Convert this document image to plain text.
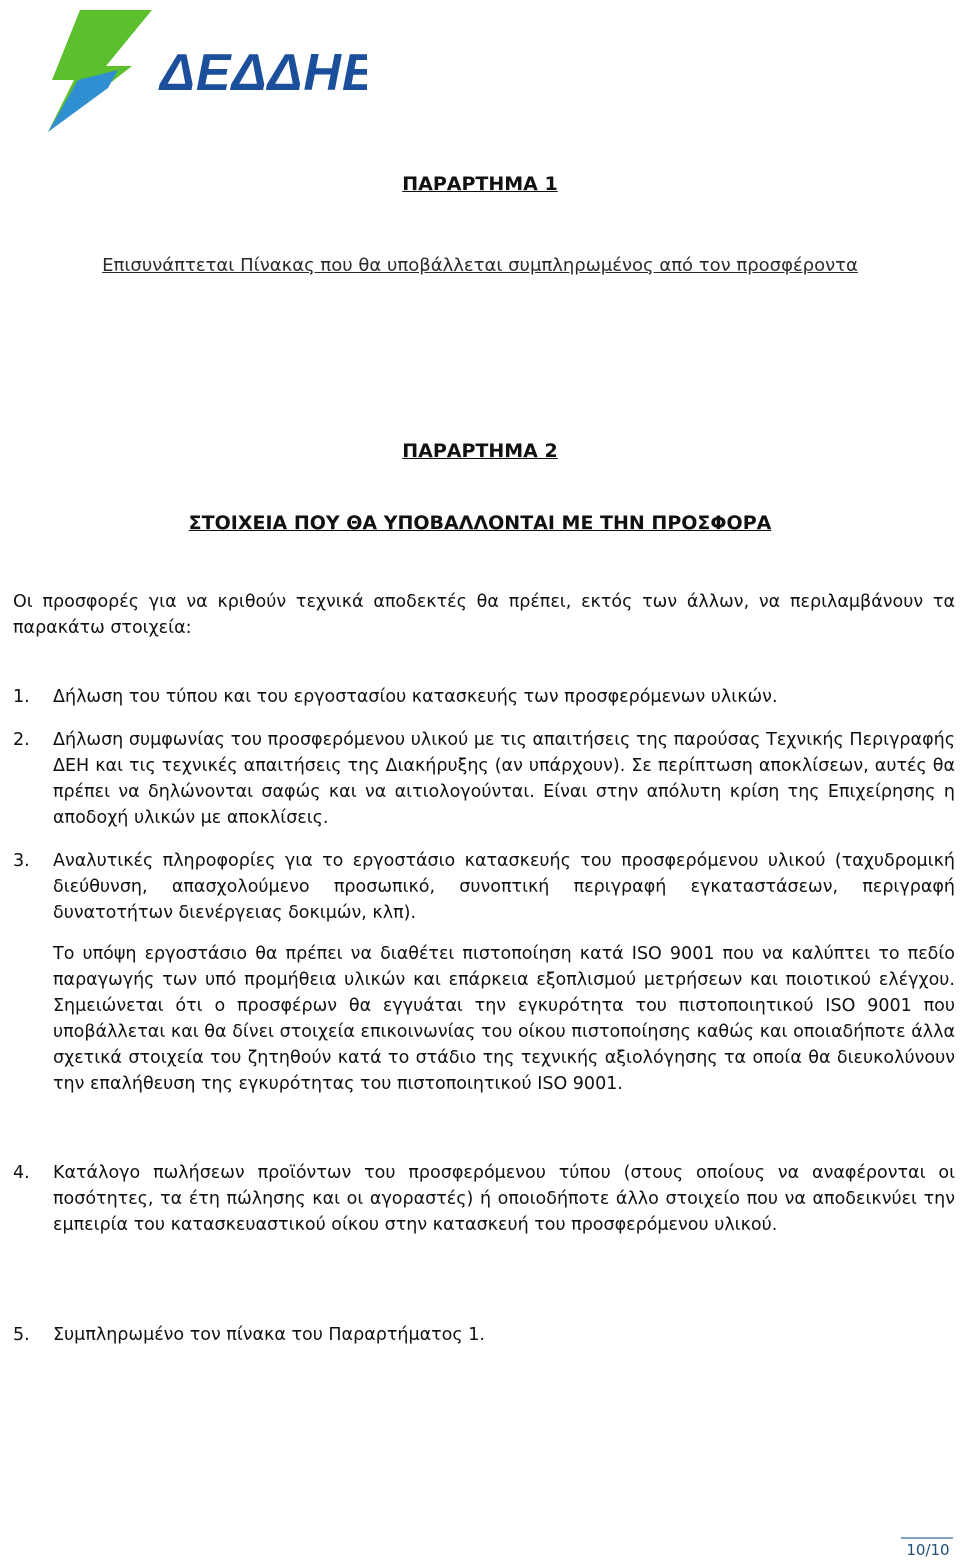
ΔΕΔΔΗΕ
ΠΑΡΑΡΤΗΜΑ 1
Επισυνάπτεται Πίνακας που θα υποβάλλεται συμπληρωμένος από τον προσφέροντα
ΠΑΡΑΡΤΗΜΑ 2
ΣΤΟΙΧΕΙΑ ΠΟΥ ΘΑ ΥΠΟΒΑΛΛΟΝΤΑΙ ΜΕ ΤΗΝ ΠΡΟΣΦΟΡΑ
Οι προσφορές για να κριθούν τεχνικά αποδεκτές θα πρέπει, εκτός των άλλων, να περιλαμβάνουν τα παρακάτω στοιχεία:
1. Δήλωση του τύπου και του εργοστασίου κατασκευής των προσφερόμενων υλικών.
2. Δήλωση συμφωνίας του προσφερόμενου υλικού με τις απαιτήσεις της παρούσας Τεχνικής Περιγραφής ΔΕΗ και τις τεχνικές απαιτήσεις της Διακήρυξης (αν υπάρχουν). Σε περίπτωση αποκλίσεων, αυτές θα πρέπει να δηλώνονται σαφώς και να αιτιολογούνται. Είναι στην απόλυτη κρίση της Επιχείρησης η αποδοχή υλικών με αποκλίσεις.
3. Αναλυτικές πληροφορίες για το εργοστάσιο κατασκευής του προσφερόμενου υλικού (ταχυδρομική διεύθυνση, απασχολούμενο προσωπικό, συνοπτική περιγραφή εγκαταστάσεων, περιγραφή δυνατοτήτων διενέργειας δοκιμών, κλπ).
Το υπόψη εργοστάσιο θα πρέπει να διαθέτει πιστοποίηση κατά ISO 9001 που να καλύπτει το πεδίο παραγωγής των υπό προμήθεια υλικών και επάρκεια εξοπλισμού μετρήσεων και ποιοτικού ελέγχου. Σημειώνεται ότι ο προσφέρων θα εγγυάται την εγκυρότητα του πιστοποιητικού ISO 9001 που υποβάλλεται και θα δίνει στοιχεία επικοινωνίας του οίκου πιστοποίησης καθώς και οποιαδήποτε άλλα σχετικά στοιχεία του ζητηθούν κατά το στάδιο της τεχνικής αξιολόγησης τα οποία θα διευκολύνουν την επαλήθευση της εγκυρότητας του πιστοποιητικού ISO 9001.
4. Κατάλογο πωλήσεων προϊόντων του προσφερόμενου τύπου (στους οποίους να αναφέρονται οι ποσότητες, τα έτη πώλησης και οι αγοραστές) ή οποιοδήποτε άλλο στοιχείο που να αποδεικνύει την εμπειρία του κατασκευαστικού οίκου στην κατασκευή του προσφερόμενου υλικού.
5. Συμπληρωμένο τον πίνακα του Παραρτήματος 1.
10/10
